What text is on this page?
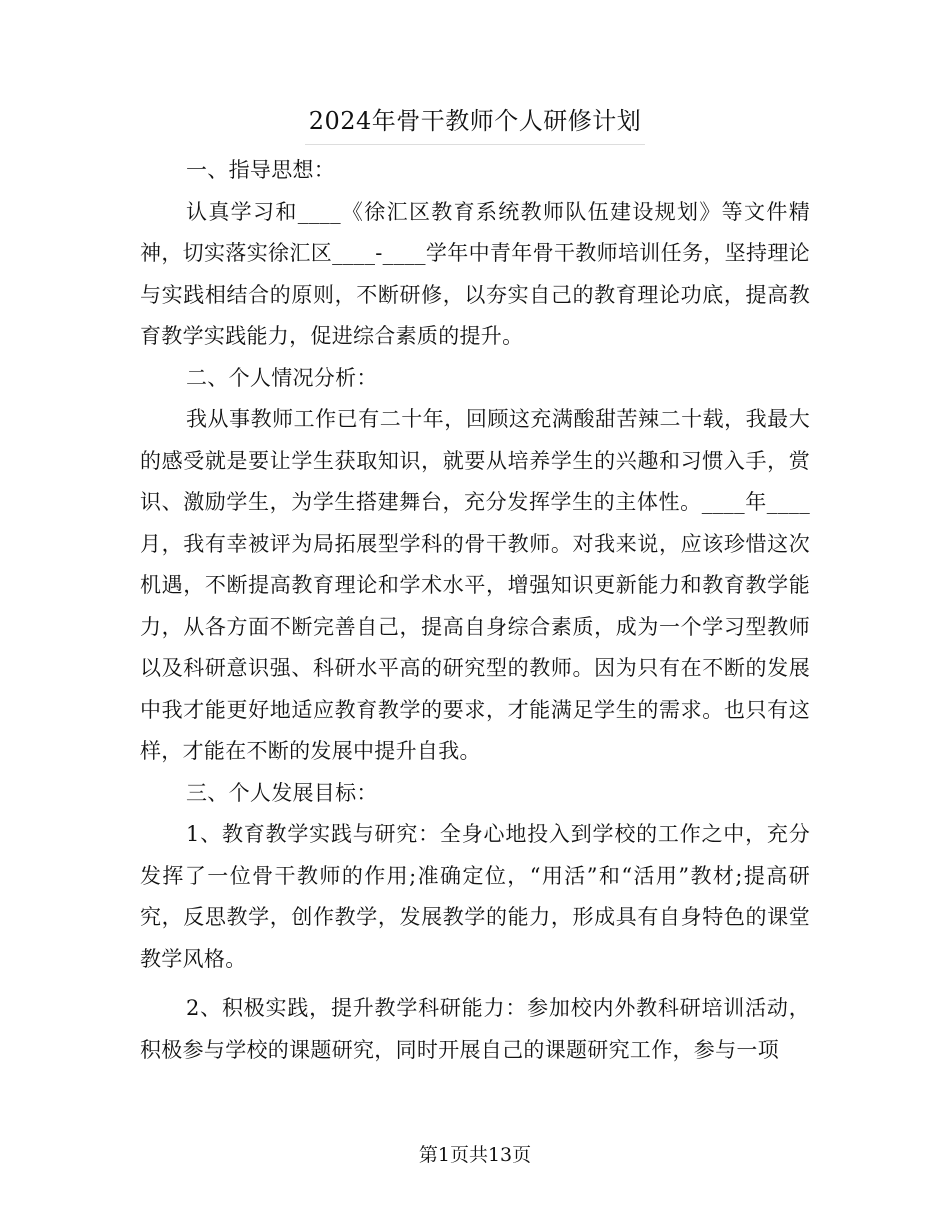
2024年骨干教师个人研修计划

一、指导思想：

认真学习和____《徐汇区教育系统教师队伍建设规划》等文件精神，切实落实徐汇区____-____学年中青年骨干教师培训任务，坚持理论与实践相结合的原则，不断研修，以夯实自己的教育理论功底，提高教育教学实践能力，促进综合素质的提升。

二、个人情况分析：

我从事教师工作已有二十年，回顾这充满酸甜苦辣二十载，我最大的感受就是要让学生获取知识，就要从培养学生的兴趣和习惯入手，赏识、激励学生，为学生搭建舞台，充分发挥学生的主体性。____年____月，我有幸被评为局拓展型学科的骨干教师。对我来说，应该珍惜这次机遇，不断提高教育理论和学术水平，增强知识更新能力和教育教学能力，从各方面不断完善自己，提高自身综合素质，成为一个学习型教师以及科研意识强、科研水平高的研究型的教师。因为只有在不断的发展中我才能更好地适应教育教学的要求，才能满足学生的需求。也只有这样，才能在不断的发展中提升自我。

三、个人发展目标：

1、教育教学实践与研究：全身心地投入到学校的工作之中，充分发挥了一位骨干教师的作用;准确定位，“用活”和“活用”教材;提高研究，反思教学，创作教学，发展教学的能力，形成具有自身特色的课堂教学风格。

2、积极实践，提升教学科研能力：参加校内外教科研培训活动，积极参与学校的课题研究，同时开展自己的课题研究工作，参与一项

第1页共13页
